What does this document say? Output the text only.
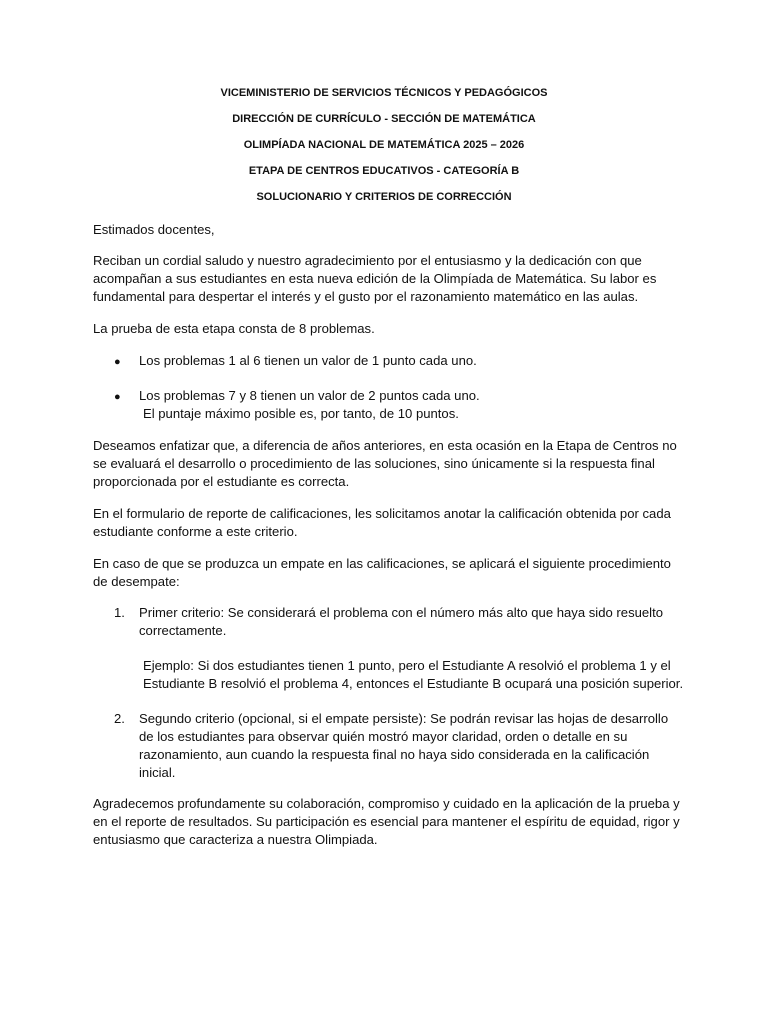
VICEMINISTERIO DE SERVICIOS TÉCNICOS Y PEDAGÓGICOS
DIRECCIÓN DE CURRÍCULO - SECCIÓN DE MATEMÁTICA
OLIMPÍADA NACIONAL DE MATEMÁTICA 2025 – 2026
ETAPA DE CENTROS EDUCATIVOS - CATEGORÍA B
SOLUCIONARIO Y CRITERIOS DE CORRECCIÓN
Estimados docentes,
Reciban un cordial saludo y nuestro agradecimiento por el entusiasmo y la dedicación con que acompañan a sus estudiantes en esta nueva edición de la Olimpíada de Matemática. Su labor es fundamental para despertar el interés y el gusto por el razonamiento matemático en las aulas.
La prueba de esta etapa consta de 8 problemas.
● Los problemas 1 al 6 tienen un valor de 1 punto cada uno.
● Los problemas 7 y 8 tienen un valor de 2 puntos cada uno.
El puntaje máximo posible es, por tanto, de 10 puntos.
Deseamos enfatizar que, a diferencia de años anteriores, en esta ocasión en la Etapa de Centros no se evaluará el desarrollo o procedimiento de las soluciones, sino únicamente si la respuesta final proporcionada por el estudiante es correcta.
En el formulario de reporte de calificaciones, les solicitamos anotar la calificación obtenida por cada estudiante conforme a este criterio.
En caso de que se produzca un empate en las calificaciones, se aplicará el siguiente procedimiento de desempate:
1. Primer criterio: Se considerará el problema con el número más alto que haya sido resuelto correctamente.
Ejemplo: Si dos estudiantes tienen 1 punto, pero el Estudiante A resolvió el problema 1 y el Estudiante B resolvió el problema 4, entonces el Estudiante B ocupará una posición superior.
2. Segundo criterio (opcional, si el empate persiste): Se podrán revisar las hojas de desarrollo de los estudiantes para observar quién mostró mayor claridad, orden o detalle en su razonamiento, aun cuando la respuesta final no haya sido considerada en la calificación inicial.
Agradecemos profundamente su colaboración, compromiso y cuidado en la aplicación de la prueba y en el reporte de resultados. Su participación es esencial para mantener el espíritu de equidad, rigor y entusiasmo que caracteriza a nuestra Olimpiada.
